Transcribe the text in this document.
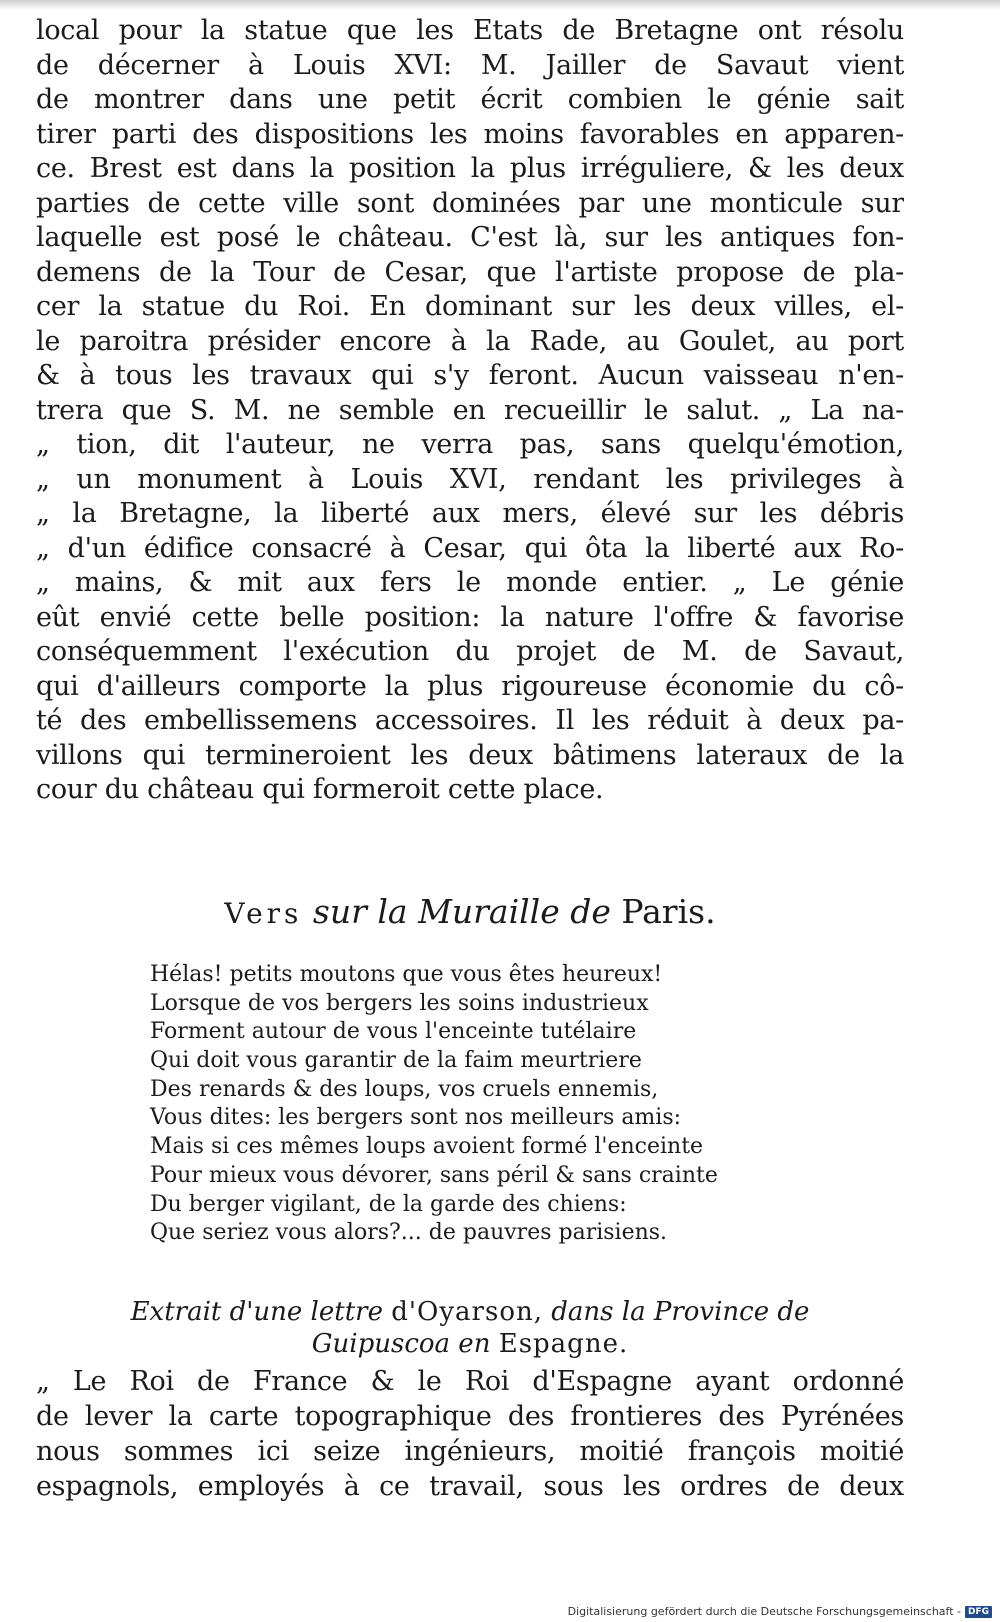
local pour la statue que les Etats de Bretagne ont résolu
de décerner à Louis XVI: M. Jailler de Savaut vient
de montrer dans une petit écrit combien le génie sait
tirer parti des dispositions les moins favorables en apparen-
ce. Brest est dans la position la plus irréguliere, & les deux
parties de cette ville sont dominées par une monticule sur
laquelle est posé le château. C'est là, sur les antiques fon-
demens de la Tour de Cesar, que l'artiste propose de pla-
cer la statue du Roi. En dominant sur les deux villes, el-
le paroitra présider encore à la Rade, au Goulet, au port
& à tous les travaux qui s'y feront. Aucun vaisseau n'en-
trera que S. M. ne semble en recueillir le salut. „ La na-
„ tion, dit l'auteur, ne verra pas, sans quelqu'émotion,
„ un monument à Louis XVI, rendant les privileges à
„ la Bretagne, la liberté aux mers, élevé sur les débris
„ d'un édifice consacré à Cesar, qui ôta la liberté aux Ro-
„ mains, & mit aux fers le monde entier. „ Le génie
eût envié cette belle position: la nature l'offre & favorise
conséquemment l'exécution du projet de M. de Savaut,
qui d'ailleurs comporte la plus rigoureuse économie du cô-
té des embellissemens accessoires. Il les réduit à deux pa-
villons qui termineroient les deux bâtimens lateraux de la
cour du château qui formeroit cette place.
Vers sur la Muraille de Paris.
Hélas! petits moutons que vous êtes heureux!
Lorsque de vos bergers les soins industrieux
Forment autour de vous l'enceinte tutélaire
Qui doit vous garantir de la faim meurtriere
Des renards & des loups, vos cruels ennemis,
Vous dites: les bergers sont nos meilleurs amis:
Mais si ces mêmes loups avoient formé l'enceinte
Pour mieux vous dévorer, sans péril & sans crainte
Du berger vigilant, de la garde des chiens:
Que seriez vous alors?... de pauvres parisiens.
Extrait d'une lettre d'Oyarson, dans la Province de
Guipuscoa en Espagne.
„ Le Roi de France & le Roi d'Espagne ayant ordonné
de lever la carte topographique des frontieres des Pyrénées
nous sommes ici seize ingénieurs, moitié françois moitié
espagnols, employés à ce travail, sous les ordres de deux
Digitalisierung gefördert durch die Deutsche Forschungsgemeinschaft - DFG
